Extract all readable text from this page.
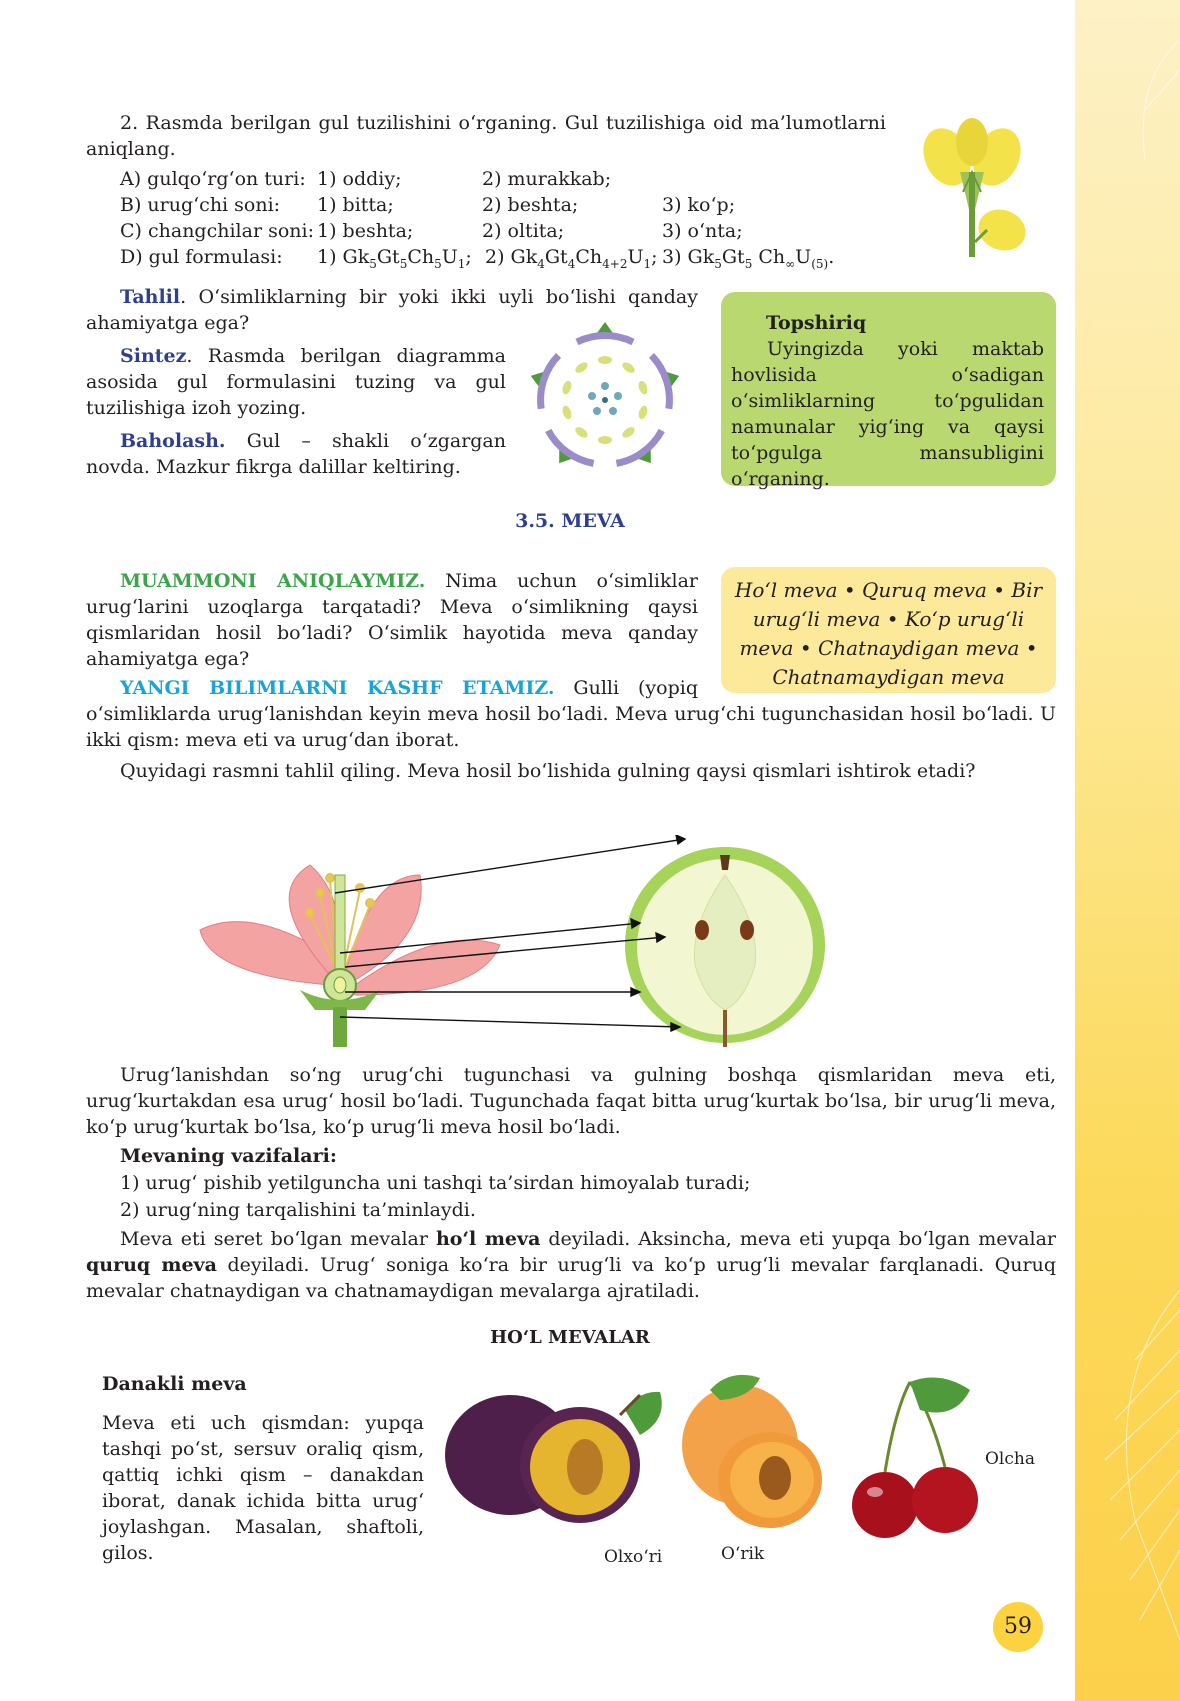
2. Rasmda berilgan gul tuzilishini o‘rganing. Gul tuzilishiga oid ma’lumotlarni aniqlang.

A) gulqo‘rg‘on turi: 1) oddiy;	2) murakkab;
B) urug‘chi soni: 1) bitta;	2) beshta;	3) ko‘p;
C) changchilar soni: 1) beshta;	2) oltita;	3) o‘nta;
D) gul formulasi: 1) $Gk_5Gt_5Ch_5U_1$; 2) $Gk_4Gt_4Ch_{4+2}U_1$; 3) $Gk_5Gt_5$ $Ch_\infty U_{(5)}$.

Tahlil. O‘simliklarning bir yoki ikki uyli bo‘lishi qanday ahamiyatga ega?

Sintez. Rasmda berilgan diagramma asosida gul formulasini tuzing va gul tuzilishiga izoh yozing.

Baholash. Gul – shakli o‘zgargan novda. Mazkur fikrga dalillar keltiring.

Topshiriq

Uyingizda yoki maktab hovlisida o‘sadigan o‘simliklarning to‘pgulidan namunalar yig‘ing va qaysi to‘pgulga mansubligini o‘rganing.

3.5. MEVA

MUAMMONI ANIQLAYMIZ. Nima uchun o‘simliklar urug‘larini uzoqlarga tarqatadi? Meva o‘simlikning qaysi qismlaridan hosil bo‘ladi? O‘simlik hayotida meva qanday ahamiyatga ega?

Ho‘l meva • Quruq meva • Bir urug‘li meva • Ko‘p urug‘li meva • Chatnaydigan meva • Chatnamaydigan meva

YANGI BILIMLARNI KASHF ETAMIZ. Gulli (yopiq

o‘simliklarda urug‘lanishdan keyin meva hosil bo‘ladi. Meva urug‘chi tugunchasidan hosil bo‘ladi. U ikki qism: meva eti va urug‘dan iborat.

Quyidagi rasmni tahlil qiling. Meva hosil bo‘lishida gulning qaysi qismlari ishtirok etadi?

Urug‘lanishdan so‘ng urug‘chi tugunchasi va gulning boshqa qismlaridan meva eti, urug‘kurtakdan esa urug‘ hosil bo‘ladi. Tugunchada faqat bitta urug‘kurtak bo‘lsa, bir urug‘li meva, ko‘p urug‘kurtak bo‘lsa, ko‘p urug‘li meva hosil bo‘ladi.

Mevaning vazifalari:

1) urug‘ pishib yetilguncha uni tashqi ta’sirdan himoyalab turadi;

2) urug‘ning tarqalishini ta’minlaydi.

Meva eti seret bo‘lgan mevalar ho‘l meva deyiladi. Aksincha, meva eti yupqa bo‘lgan mevalar quruq meva deyiladi. Urug‘ soniga ko‘ra bir urug‘li va ko‘p urug‘li mevalar farqlanadi. Quruq mevalar chatnaydigan va chatnamaydigan mevalarga ajratiladi.

HO‘L MEVALAR

Danakli meva

Meva eti uch qismdan: yupqa tashqi po‘st, sersuv oraliq qism, qattiq ichki qism – danakdan iborat, danak ichida bitta urug‘ joylashgan. Masalan, shaftoli, gilos.	Olxo‘ri	O‘rik

Olcha

59
